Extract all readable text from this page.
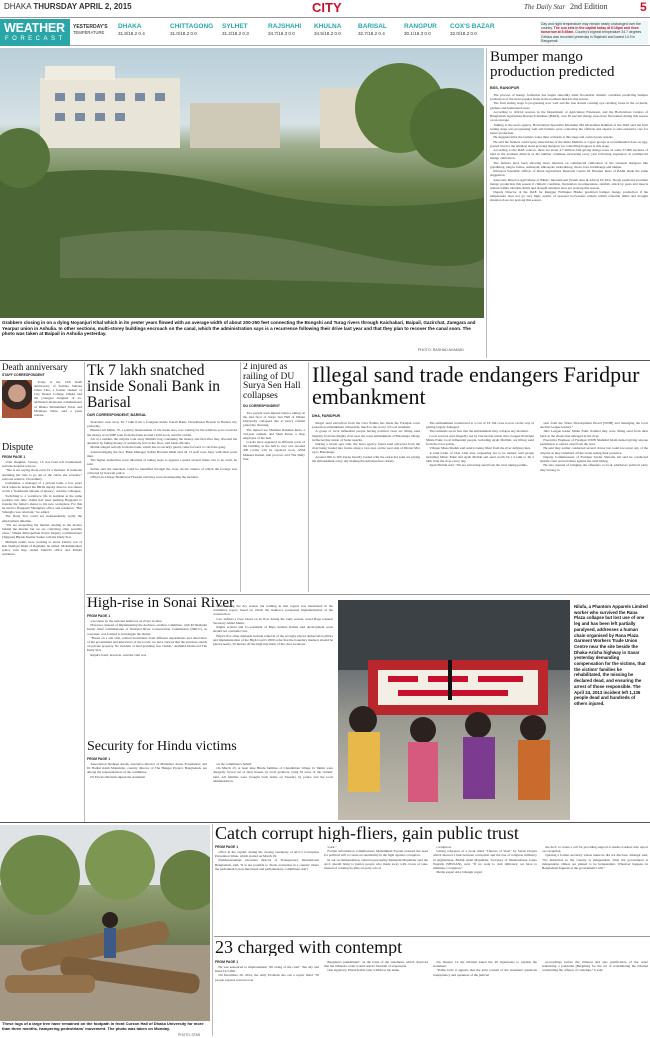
DHAKA THURSDAY APRIL 2, 2015	CITY	The Daily Star 2nd Edition	5
WEATHER
FORECAST
YESTERDAY'S
TEMPERATURE
DHAKA
31.8/18.2 0.4
CHITTAGONG
31.0/18.2 0.0
SYLHET
31.2/18.2 0.3
RAJSHAHI
34.7/16.3 0.0
KHULNA
34.5/18.2 0.0
BARISAL
32.7/18.2 0.4
RANGPUR
30.1/16.3 0.0
COX'S BAZAR
32.0/18.2 0.0
Day and night temperature may remain nearly unchanged over the country. The sun sets in the capital today at 6:18pm and rises tomorrow at 5:49am. Country's highest temperature 34.7 degrees Celsius was recorded yesterday in Rajshahi and lowest 14.9 in Rangamati.
Grabbers closing in on a dying Noyanjuri Khal which in its yester years flowed with an average width of about 200-250 feet connecting the Bongshi and Turag rivers through Kaichabari, Baipail, Gazirchat, Zamgara and Yearpur union in Ashulia. In other sections, multi-storey buildings encroach on the canal, which the administration says is a recurrence following their drive last year and that they plan to recover the canal soon. The photo was taken at Baipail in Ashulia yesterday.
PHOTO: RASHAD AHAMAD
Bumper mango production predicted
BSS, RANGPUR
 The process of mango formation has begun smoothly amid favourable climatic condition predicting bumper production of the most popular fruits in the northern districts this season.
 The fruit setting stage is progressing now well and the tree started creating eye-catching looks in the orchards, gardens and homestead areas.
 According to official sources in the Department of Agriculture Extension, and the Horticulture Centres of Bangladesh Agriculture Research Institute (BARI), over 65 percent mango trees have blossomed during this season on an average.
 Talking to the news agency, Horticulture Specialist Khondker Md Mostafizur Rahman of the DAE said the fruit setting stage was progressing well and farmers were contacting the officials and experts to take extensive care for better production.
 He suggested that the farmers water their orchards at this stage and control pests attacks.
 He said the farmers could spray insecticides of the Delta Methrin or Cyper groups at recommended dose on egg-gooted level to the smallest sized growing mangoes for controlling hoppers at this stage.
 According to the DAE sources, there are about 4.7 million fruit-giving mango trees on some 37,000 hectares of land in the northern districts as the number continues increasing every year following expansion of commercial mango cultivation.
 The farmers have been showing more interests on commercial cultivation of the sweetest mangoes like gopalbhog, langra, fazlee, aamrapali, khirsapati, mohonbhog, chosa, bari, haribhanga and lakhna.
 Principal Scientific Officer of Rural Agriculture Research Centre Dr Harunur Reza of BARI made the same suggestion.
 Associate Director-Agriculture of BRAC International (South Asia & Africa) Dr M.G. Neogi predicted excellent mango production this season if climatic condition, fluctuation in temperature, rainfall, attack by pests and insects remain within tolerable limits and drought situation does not prolong this season.
 Deputy Director of the DAE for Rangpur Fulltiquet Haider predicted bumper mango production if the temperature does not go very high, storms of seasonal nor'westers remain within tolerable limits and drought situation does not prolong this season.
Death anniversary
STAFF CORRESPONDENT
 Today is the 13th death anniversary of Sabrina Sultana Jahan Tina, a former student of City Dental College, Dhaka and the youngest daughter of ex-additional divisional commissioner of Dhaka Mohammad Tabiz and Momtaza Tabiz, said a press release.
Dispute
FROM PAGE 1
 older daughter, Sweety, 13, has been left traumatised, said she hospital sources.
 "She is not saying about even for a moment. If someone attending her tries to go out of the cabin, she screams," said one relative, Chowdhury.
 Lutfunnisa, a manager of a private bank, a few years back when he helped the BRTA deputy director lost shares worth a "handsome amount of money", said the colleague.
 Switching to a workforce life in Gulshan at the same position last time, Zahid had been pushing Hangsabi to transfer the father's shares to his new workplace. For this he tried to Hangsabi Sinangba's office and residence. "But Sibangba was reluctant," he added.
 The Daily Star could not independently verify the employment timeline.
 "We are suspecting the murder dealing as the motive behind the murder but we are collecting other possible clues," Dhaka Metropolitan Police Deputy Commissioner (Tejgaon) Biplob Kumar Sarkar told the Daily Star.
 Multiple teams were working to arrest Zahird, son of Kin Shafiqul Islam of Rajshahi, he added. Mohammadpur police said they raided Zahird's office and Pallabi residence.
Tk 7 lakh snatched inside Sonali Bank in Barisal
OUR CORRESPONDENT, BARISAL
 Snatchers took away Tk 7 lakh from a foreigner inside Sonali Bank, Chawkbazar Branch in Barisal city yesterday.
 Bunturi Ali Malik, 70, a poultry businessman of Zia Sarak area, was waiting for his relatives as he received the money at an SME loan from the bank around 12:00 noon, said the victim.
 All of a sudden, the culprits took away Mallik's bag containing the money and fled after they diverted his attention by faking money of somebody fell on the floor, said bank officials.
 Mallik alleged nobody from the bank, which has no security guard, came forward to catch the gang.
 Acknowledging the fact, Bank Manager Sultan Hossain Miah said all 13 staff were busy with their work then.
 The higher authorities were informed of taking steps to appoint a guard several times, but to no avail, he said.
 Sultan said the snatchers could be identified through the close circuit camera of which the footage was collected by Kotwali police.
 Officer-in-Charge Shakhawat Hossain said they were investigating the incident.
2 injured as railing of DU Surya Sen Hall collapses
DU CORRESPONDENT
 Two people were injured when a railing on the 2nd floor of Surya Sen Hall of Dhaka University collapsed due to heavy rainfall yesterday morning.
 The injured are Shahinur Rahman Reza, a 3rd-year student, and Shah Paran, a shop employee of the hall.
 Cracks have appeared in different parts of the building as the hall is very old. Around 300 rooms will be repaired soon, ASM Maksud Kamal, hall provost, told The Daily Star.
Illegal sand trade endangers Faridpur embankment
DHA, FARIDPUR
 Illegal sand extraction from the river Padma has made the Faridpur town protection embankment vulnerable, much to the worry of local residents.
 A group of local influential people having political clout are lifting sand illegally from the mighty river near the town embankment at Baladanga village in Decrerchar union of Sadar upazila.
 During a recent spot visit, the news agency found sand extracted from the river being loaded into trucks along a vast area on the west side of Dholar Mor up to Baladanga.
 Around 400 to 500 trucks heavily loaded with the extracted sand are plying the embankment every day making the infrastructure rickety.
 The embankment constructed at a cost of Tk 194 crore is now on the way of getting largely damaged.
 The residents are in fear that the embankment may collapse any moment.
 Local sources said allegedly led by Decrerchar union Jubo League President Mintu Fakir, local influential people, including Ayub Molllah, are lifting sand from the river points.
 Villager Musa Sheikh said sand is being lifted from the river defying rules.
 A sand trader of Char Chai area, requesting not to be named, said people including Minto Fakir and Ayub Mollah sell sand worth Tk 1.5 lakh to Tk 2 lakh from the river every day.
 Ayub Mollah said, "We are extracting sand from the river taking permis-
 sion from the Water Development Board [WDB] and managing the local Awami League leaders."
 Jubo League leader Mintu Fakir claimed they were lifting sand from their land on the shoals that emerged in the river.
 Executive Engineer of Faridpur WDB Shahidul Islam denied giving anyone permission to extract sand from the river.
 He said they earlier conducted several drives but could not arrest any of the culprits as they remained off the scene seeing their presence.
 Deputy Commissioner of Faridpur Sardar Sharafat Ali said he conducted mobile court several times against the sand lifting.
 He also assured of bringing the offenders to book whichever political party they belong to.
High-rise in Sonai River
FROM PAGE 1
 was taken by the national taskforce on rivers in June.
 However, instead of implementing the decision, another committee, with M Shahadat Islam, chief commissioner of National River Conservation Commission (NRCC), as convener, was formed to investigate the matter.
 "Based on a site visit, related documents from different departments and interviews of the government and interviews of the locals, we have viewed that the structure stands on private property. No incident of land grabbing was visible," Atahmid Islam told The Daily Star.
 Rajuk's bond, however, said the visit was
 made during the dry season but nothing in that regard was mentioned in the committee report, based on which the taskforce postponed implementation of the construction.
 Law defines a river based on its flow during the rainy season, noted Bapa General Secretary Abdul Matin.
 Rights activist and Co-president of Bapa Sultana Kamal said development work should not contradict law.
 Bapa's five other demands include removal of the wrongly placed demarcation pillars and implementation of the High Court's 2009 order that the boundary markers should be placed newly, 50 metres off the high tide mark of the river locations.
Security for Hindu victims
FROM PAGE 1
 Association Shaheen Anam, executive director of Manusher Jonno Foundation; and Dr Badiul Alam Majumdar, country director of The Hunger Project, Bangladesh, are among the representatives of the committee.
 Dr Fawzia Moslem signed the statement
 on the committee's behalf.
 On March 23, at least nine Hindu families of Chandimala village in Tahirk were allegedly forced out of their houses by local grabbers, tying 30 acres of the victims' land. All families were brought back home on Tuesday by police and the local administration.
Nilufa, a Phantom Apparels Limited worker who survived the Rana Plaza collapse but lost use of one leg and has been left partially paralysed, addresses a human chain organised by Rana Plaza Garment Workers Trade Union Centre near the site beside the Dhaka-Aricha highway in Savar yesterday demanding compensation for the victims, that the victims' families be rehabilitated, the missing be declared dead, and ensuring the arrest of those responsible. The April 24, 2013 incident left 1,136 people dead and hundreds of others injured.
These logs of a large tree have remained on the footpath in front Curzon Hall of Dhaka University for more than three months, hampering pedestrians' movement. The photo was taken on Monday.
PHOTO: STAR
Catch corrupt high-fliers, gain public trust
FROM PAGE 1
 office in the capital, during the closing ceremony of ACC's Corruption Prevention Week, which started on March 29.
 Iftekharuzzaman, executive director of Transparency International Bangladesh, said, "It is not possible to check corruption in a country where the parliament is non-functional and parliamentary committees don't
 work."
 Former information commissioner Mohammad Farouk stressed the need for political will to create accountability in the fight against corruption.
 In our recommendation, cultural personality Ramendu Majumdar said the ACC should bring to justice people who made away with crores of taka, instead of wasting its time on petty acts of
 corruption.
 Giving reference of a book titled "Thieves of State" by Sarah Chayes which showed a link between corruption and the rise of religious militancy in Afghanistan, Badiul Alam Majumdar, Secretary of Shushashoner Jonno Nagorik (SHUJAN), said, "If we want to curb militancy, we have to eliminate corruption."
 Media expert Atiq Jahangir urged
 the ACC to create a cell for providing support to media workers who report on corruption.
 Quoting a former secretary whose name he did not disclose, Jahangir said, "No institution in the country is independent. Only the government is independent. Others are pinned to be independent. Whatever happens in Bangladesh happens at the government's will."
23 charged with contempt
FROM PAGE 1
 He was sentenced to imprisonment "till rising of the court" that day and fined Tk 5,000.
 On December 20, 2014, the daily Prothom Alo ran a report titled "50 people express concern over
 Bergman's punishment" on the basis of the statement, which observed that the tribunal's order would restrict freedom of expression.
 One signatory, Ehsan Kabir, later withdrew his name.
 On January 14 the tribunal asked the 49 signatories to explain the statement.
 "Prime facie it appears that the joint content of the statement questions transparency and openness of the judicial
 proceedings before the tribunal and also justification of the order sentencing a journalist [Bergman] for the act of scandalizing the tribunal constituting the offence of contempt," it said.
